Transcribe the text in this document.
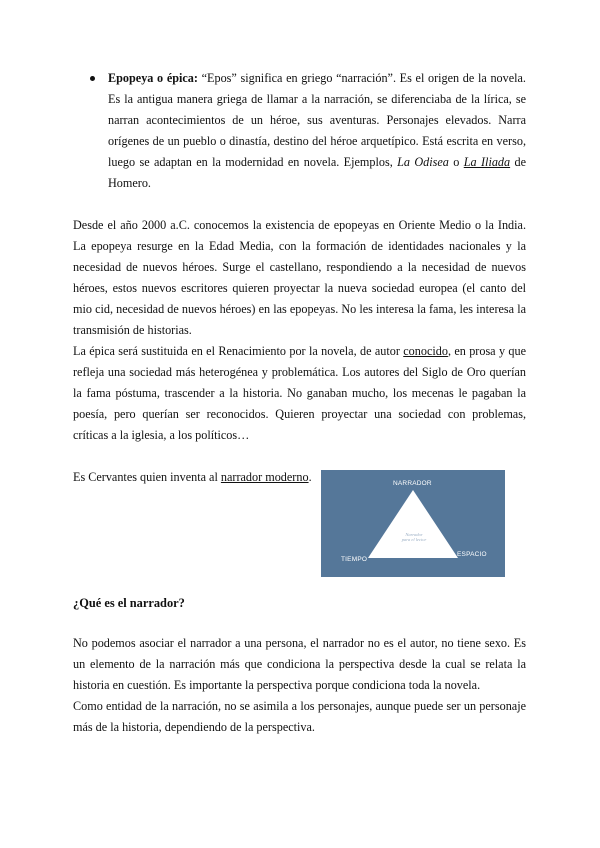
Epopeya o épica: “Epos” significa en griego “narración”. Es el origen de la novela. Es la antigua manera griega de llamar a la narración, se diferenciaba de la lírica, se narran acontecimientos de un héroe, sus aventuras. Personajes elevados. Narra orígenes de un pueblo o dinastía, destino del héroe arquetípico. Está escrita en verso, luego se adaptan en la modernidad en novela. Ejemplos, La Odisea o La Iliada de Homero.

Desde el año 2000 a.C. conocemos la existencia de epopeyas en Oriente Medio o la India. La epopeya resurge en la Edad Media, con la formación de identidades nacionales y la necesidad de nuevos héroes. Surge el castellano, respondiendo a la necesidad de nuevos héroes, estos nuevos escritores quieren proyectar la nueva sociedad europea (el canto del mio cid, necesidad de nuevos héroes) en las epopeyas. No les interesa la fama, les interesa la transmisión de historias.

La épica será sustituida en el Renacimiento por la novela, de autor conocido, en prosa y que refleja una sociedad más heterogénea y problemática. Los autores del Siglo de Oro querían la fama póstuma, trascender a la historia. No ganaban mucho, los mecenas le pagaban la poesía, pero querían ser reconocidos. Quieren proyectar una sociedad con problemas, críticas a la iglesia, a los políticos…

Es Cervantes quien inventa al narrador moderno.	NARRADOR
TIEMPO
ESPACIO
Narrador
para el lector

¿Qué es el narrador?

No podemos asociar el narrador a una persona, el narrador no es el autor, no tiene sexo. Es un elemento de la narración más que condiciona la perspectiva desde la cual se relata la historia en cuestión. Es importante la perspectiva porque condiciona toda la novela.

Como entidad de la narración, no se asimila a los personajes, aunque puede ser un personaje más de la historia, dependiendo de la perspectiva.
